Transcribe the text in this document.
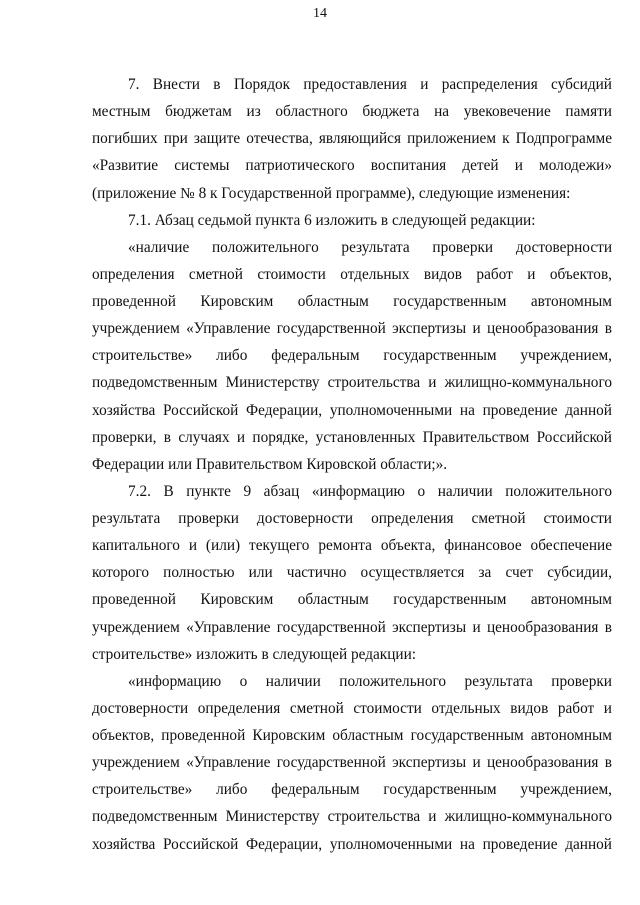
14
7. Внести в Порядок предоставления и распределения субсидий
местным бюджетам из областного бюджета на увековечение памяти
погибших при защите отечества, являющийся приложением к Подпрограмме
«Развитие системы патриотического воспитания детей и молодежи»
(приложение № 8 к Государственной программе), следующие изменения:
7.1. Абзац седьмой пункта 6 изложить в следующей редакции:
«наличие положительного результата проверки достоверности
определения сметной стоимости отдельных видов работ и объектов,
проведенной Кировским областным государственным автономным
учреждением «Управление государственной экспертизы и ценообразования в
строительстве» либо федеральным государственным учреждением,
подведомственным Министерству строительства и жилищно-коммунального
хозяйства Российской Федерации, уполномоченными на проведение данной
проверки, в случаях и порядке, установленных Правительством Российской
Федерации или Правительством Кировской области;».
7.2. В пункте 9 абзац «информацию о наличии положительного
результата проверки достоверности определения сметной стоимости
капитального и (или) текущего ремонта объекта, финансовое обеспечение
которого полностью или частично осуществляется за счет субсидии,
проведенной Кировским областным государственным автономным
учреждением «Управление государственной экспертизы и ценообразования в
строительстве» изложить в следующей редакции:
«информацию о наличии положительного результата проверки
достоверности определения сметной стоимости отдельных видов работ и
объектов, проведенной Кировским областным государственным автономным
учреждением «Управление государственной экспертизы и ценообразования в
строительстве» либо федеральным государственным учреждением,
подведомственным Министерству строительства и жилищно-коммунального
хозяйства Российской Федерации, уполномоченными на проведение данной
